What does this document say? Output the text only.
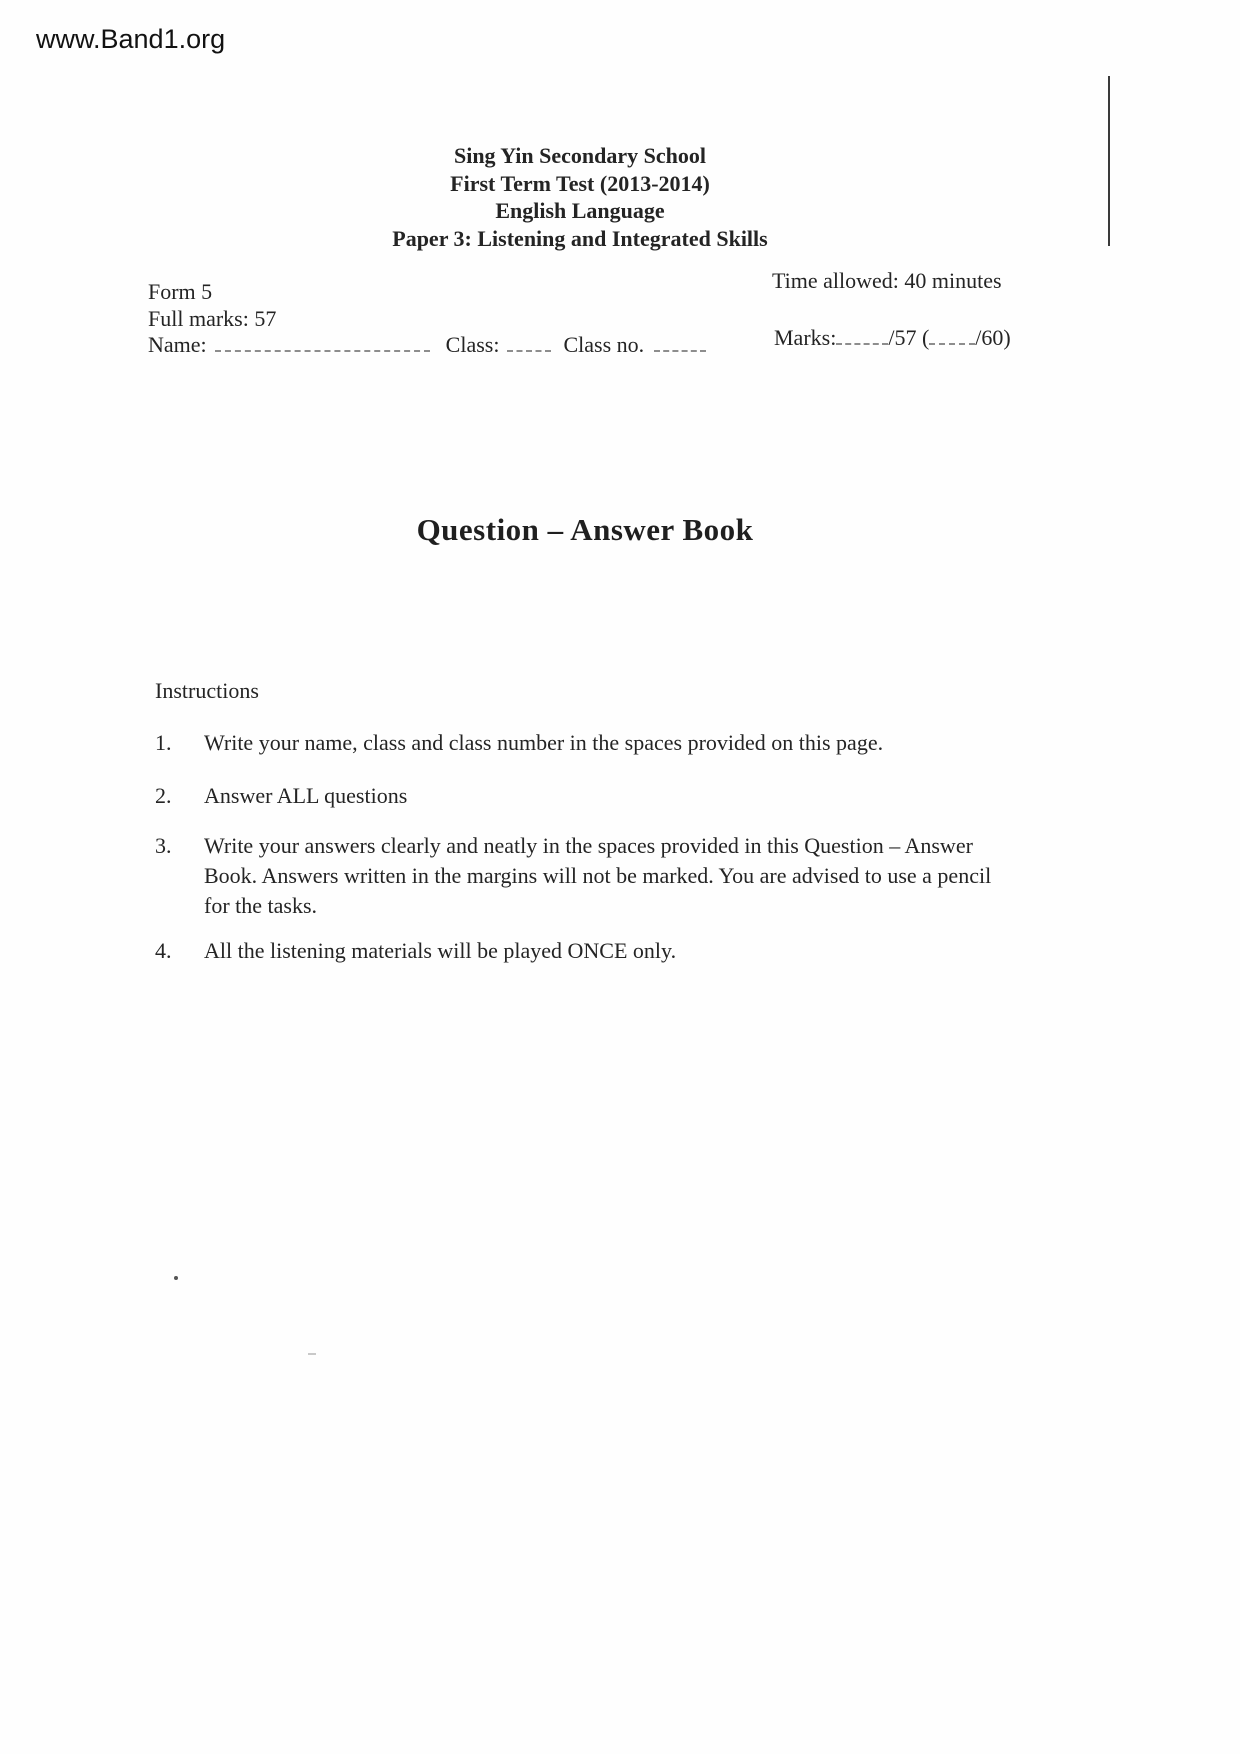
www.Band1.org
Sing Yin Secondary School
First Term Test (2013-2014)
English Language
Paper 3: Listening and Integrated Skills
Form 5
Full marks: 57
Name:	Class:	Class no.
Time allowed: 40 minutes
Marks: /57 ( /60)
Question – Answer Book
Instructions
1.	Write your name, class and class number in the spaces provided on this page.
2.	Answer ALL questions
3.	Write your answers clearly and neatly in the spaces provided in this Question – Answer Book. Answers written in the margins will not be marked. You are advised to use a pencil for the tasks.
4.	All the listening materials will be played ONCE only.
